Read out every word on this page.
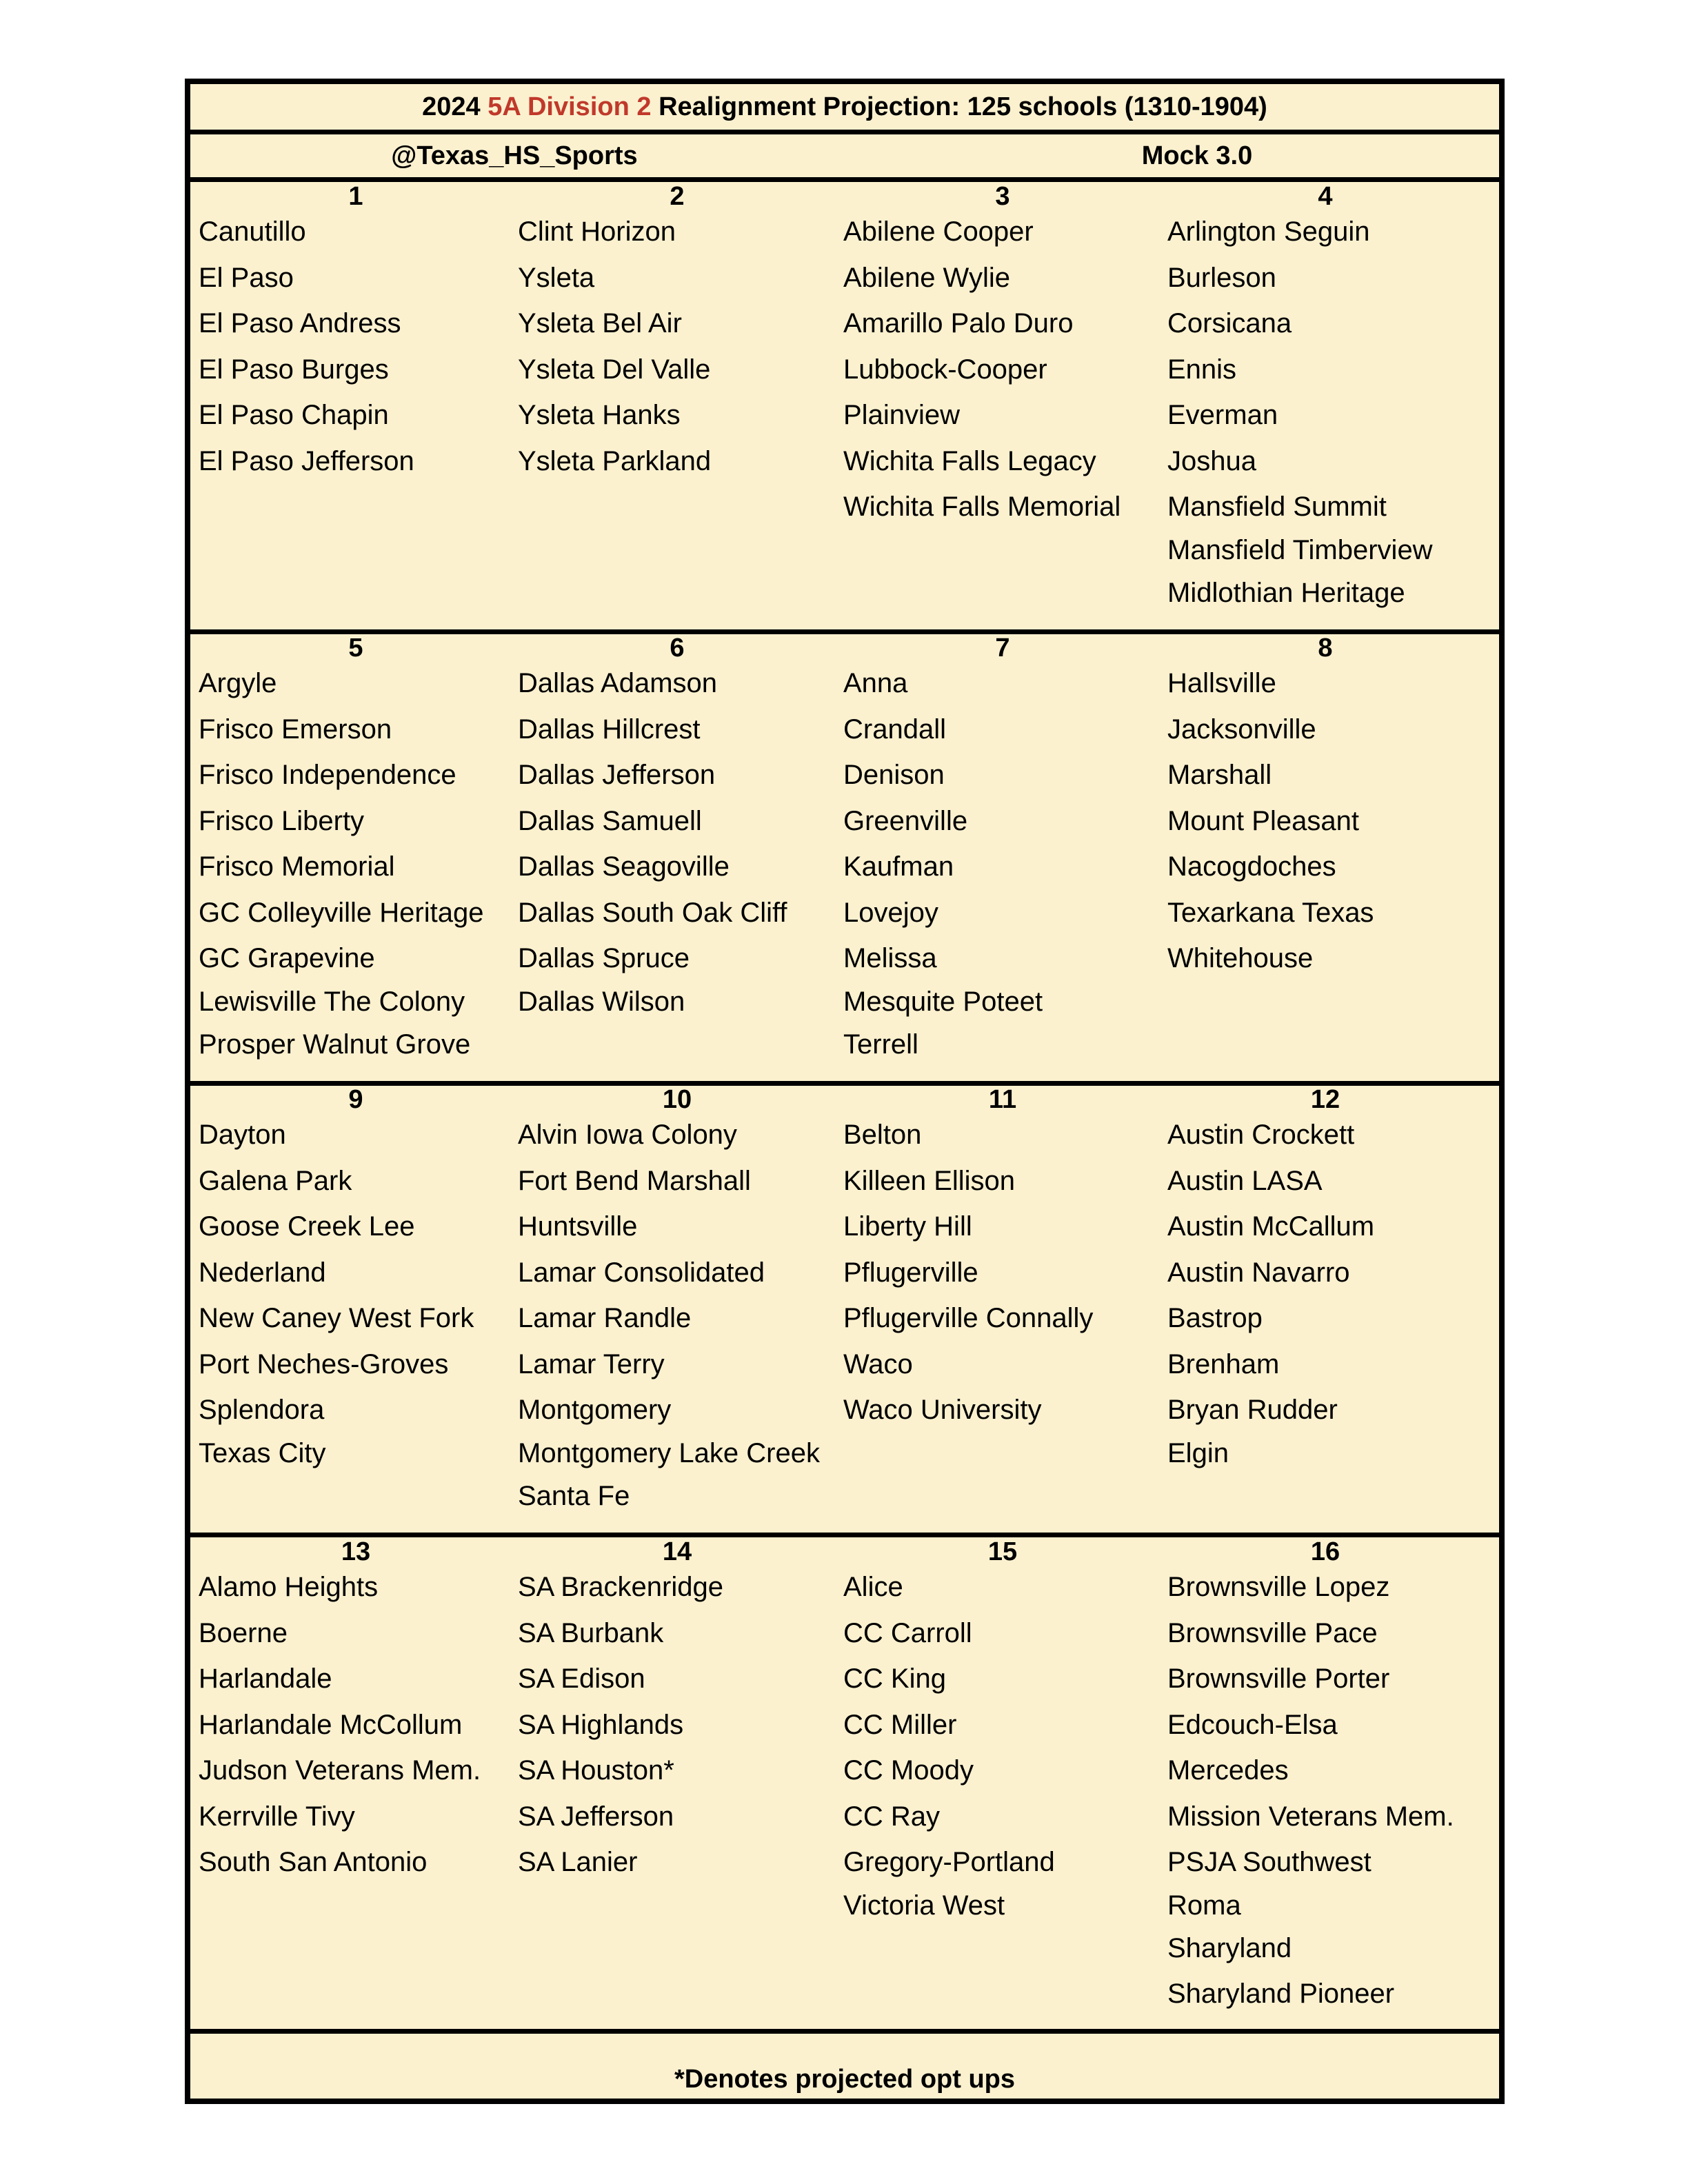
2024 5A Division 2 Realignment Projection: 125 schools (1310-1904)
@Texas_HS_Sports	Mock 3.0
*Denotes projected opt ups
1
Canutillo
El Paso
El Paso Andress
El Paso Burges
El Paso Chapin
El Paso Jefferson
2
Clint Horizon
Ysleta
Ysleta Bel Air
Ysleta Del Valle
Ysleta Hanks
Ysleta Parkland
3
Abilene Cooper
Abilene Wylie
Amarillo Palo Duro
Lubbock-Cooper
Plainview
Wichita Falls Legacy
Wichita Falls Memorial
4
Arlington Seguin
Burleson
Corsicana
Ennis
Everman
Joshua
Mansfield Summit
Mansfield Timberview
Midlothian Heritage
5
Argyle
Frisco Emerson
Frisco Independence
Frisco Liberty
Frisco Memorial
GC Colleyville Heritage
GC Grapevine
Lewisville The Colony
Prosper Walnut Grove
6
Dallas Adamson
Dallas Hillcrest
Dallas Jefferson
Dallas Samuell
Dallas Seagoville
Dallas South Oak Cliff
Dallas Spruce
Dallas Wilson
7
Anna
Crandall
Denison
Greenville
Kaufman
Lovejoy
Melissa
Mesquite Poteet
Terrell
8
Hallsville
Jacksonville
Marshall
Mount Pleasant
Nacogdoches
Texarkana Texas
Whitehouse
9
Dayton
Galena Park
Goose Creek Lee
Nederland
New Caney West Fork
Port Neches-Groves
Splendora
Texas City
10
Alvin Iowa Colony
Fort Bend Marshall
Huntsville
Lamar Consolidated
Lamar Randle
Lamar Terry
Montgomery
Montgomery Lake Creek
Santa Fe
11
Belton
Killeen Ellison
Liberty Hill
Pflugerville
Pflugerville Connally
Waco
Waco University
12
Austin Crockett
Austin LASA
Austin McCallum
Austin Navarro
Bastrop
Brenham
Bryan Rudder
Elgin
13
Alamo Heights
Boerne
Harlandale
Harlandale McCollum
Judson Veterans Mem.
Kerrville Tivy
South San Antonio
14
SA Brackenridge
SA Burbank
SA Edison
SA Highlands
SA Houston*
SA Jefferson
SA Lanier
15
Alice
CC Carroll
CC King
CC Miller
CC Moody
CC Ray
Gregory-Portland
Victoria West
16
Brownsville Lopez
Brownsville Pace
Brownsville Porter
Edcouch-Elsa
Mercedes
Mission Veterans Mem.
PSJA Southwest
Roma
Sharyland
Sharyland Pioneer
